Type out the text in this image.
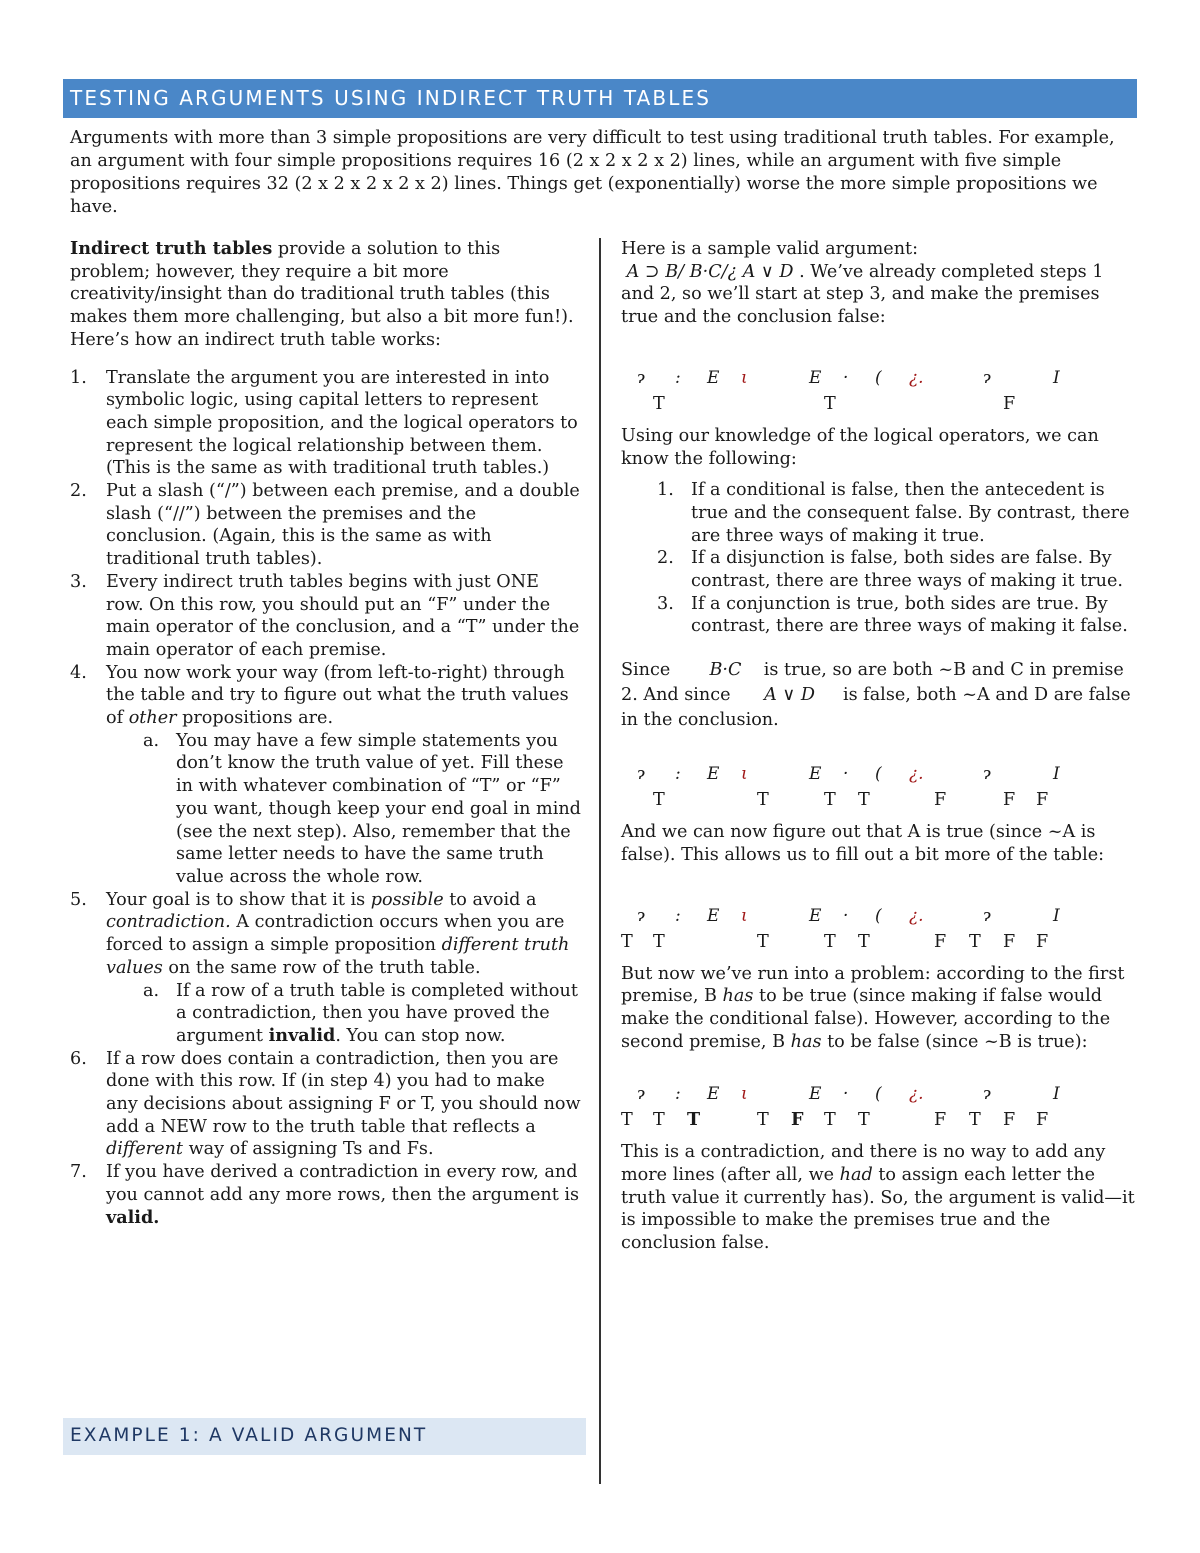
TESTING ARGUMENTS USING INDIRECT TRUTH TABLES

Arguments with more than 3 simple propositions are very difficult to test using traditional truth tables. For example, an argument with four simple propositions requires 16 (2 x 2 x 2 x 2) lines, while an argument with five simple propositions requires 32 (2 x 2 x 2 x 2 x 2) lines. Things get (exponentially) worse the more simple propositions we have.

Indirect truth tables provide a solution to this problem; however, they require a bit more creativity/insight than do traditional truth tables (this makes them more challenging, but also a bit more fun!). Here’s how an indirect truth table works:

1. Translate the argument you are interested in into symbolic logic, using capital letters to represent each simple proposition, and the logical operators to represent the logical relationship between them. (This is the same as with traditional truth tables.)
2. Put a slash (“/”) between each premise, and a double slash (“//”) between the premises and the conclusion. (Again, this is the same as with traditional truth tables).
3. Every indirect truth tables begins with just ONE row. On this row, you should put an “F” under the main operator of the conclusion, and a “T” under the main operator of each premise.
4. You now work your way (from left-to-right) through the table and try to figure out what the truth values of other propositions are.
a. You may have a few simple statements you don’t know the truth value of yet. Fill these in with whatever combination of “T” or “F” you want, though keep your end goal in mind (see the next step). Also, remember that the same letter needs to have the same truth value across the whole row.
5. Your goal is to show that it is possible to avoid a contradiction. A contradiction occurs when you are forced to assign a simple proposition different truth values on the same row of the truth table.
a. If a row of a truth table is completed without a contradiction, then you have proved the argument invalid. You can stop now.
6. If a row does contain a contradiction, then you are done with this row. If (in step 4) you had to make any decisions about assigning F or T, you should now add a NEW row to the truth table that reflects a different way of assigning Ts and Fs.
7. If you have derived a contradiction in every row, and you cannot add any more rows, then the argument is valid.
EXAMPLE 1: A VALID ARGUMENT

Here is a sample valid argument:
A ⊃ B/ B·C/¿ A ∨ D . We’ve already completed steps 1 and 2, so we’ll start at step 3, and make the premises true and the conclusion false:

ɂ : Ε ι	Ε · ( ¿.	ɂ	Ι
T	T	F

Using our knowledge of the logical operators, we can know the following:

1. If a conditional is false, then the antecedent is true and the consequent false. By contrast, there are three ways of making it true.
2. If a disjunction is false, both sides are false. By contrast, there are three ways of making it true.
3. If a conjunction is true, both sides are true. By contrast, there are three ways of making it false.

Since B·C is true, so are both ~B and C in premise 2. And since A ∨ D is false, both ~A and D are false in the conclusion.

ɂ : Ε ι	Ε · ( ¿.	ɂ	Ι
T	T	T T	F	F F

And we can now figure out that A is true (since ~A is false). This allows us to fill out a bit more of the table:

ɂ : Ε ι	Ε · ( ¿.	ɂ	Ι
T T	T	T T	F T F F

But now we’ve run into a problem: according to the first premise, B has to be true (since making if false would make the conditional false). However, according to the second premise, B has to be false (since ~B is true):

ɂ : Ε ι	Ε · ( ¿.	ɂ	Ι
T T T	T F T T	F T F F

This is a contradiction, and there is no way to add any more lines (after all, we had to assign each letter the truth value it currently has). So, the argument is valid—it is impossible to make the premises true and the conclusion false.
